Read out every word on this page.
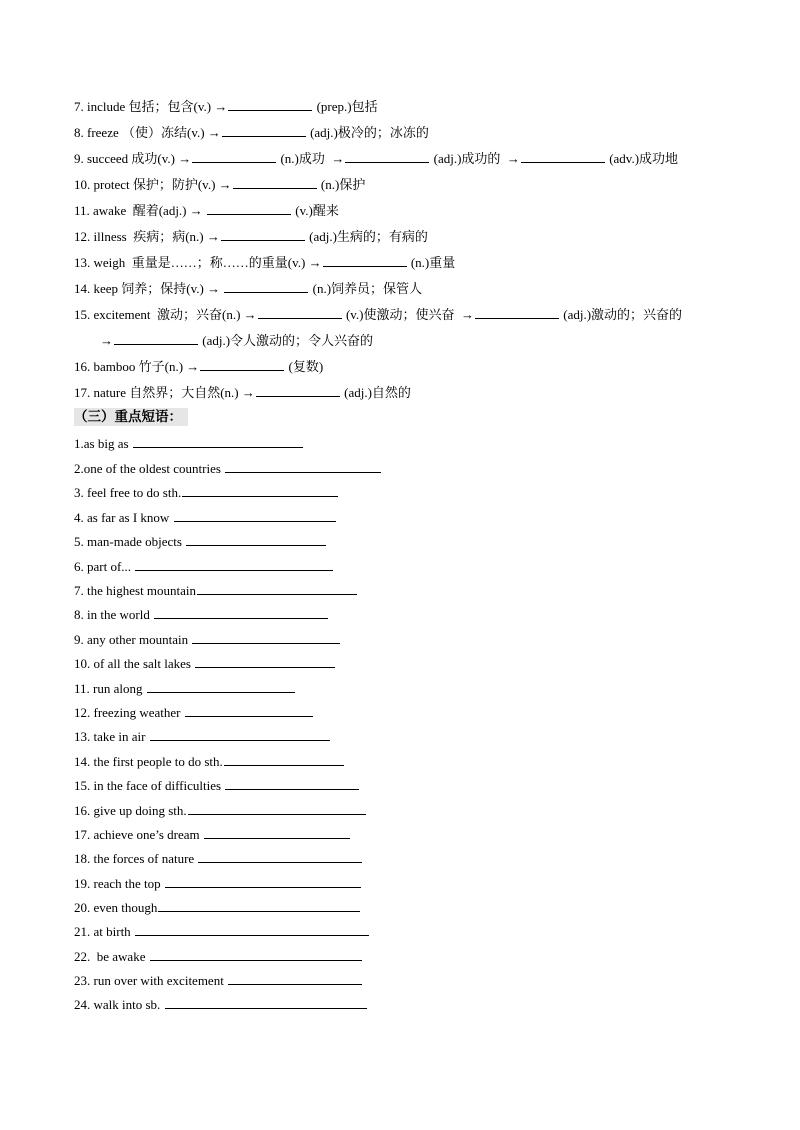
7. include 包括；包含(v.) →	(prep.)包括
8. freeze （使）冻结(v.) →	(adj.)极冷的；冰冻的
9. succeed 成功(v.) →	(n.)成功  →	(adj.)成功的  →	(adv.)成功地
10. protect 保护；防护(v.) →	(n.)保护
11. awake  醒着(adj.) →	(v.)醒来
12. illness  疾病；病(n.) →	(adj.)生病的；有病的
13. weigh  重量是……；称……的重量(v.) →	(n.)重量
14. keep 饲养；保持(v.) →	(n.)饲养员；保管人
15. excitement  激动；兴奋(n.) →	(v.)使激动；使兴奋  →	(adj.)激动的；兴奋的
→	(adj.)令人激动的；令人兴奋的
16. bamboo 竹子(n.) →	(复数)
17. nature 自然界；大自然(n.) →	(adj.)自然的
（三）重点短语：
1.as big as
2.one of the oldest countries
3. feel free to do sth.
4. as far as I know
5. man-made objects
6. part of...
7. the highest mountain
8. in the world
9. any other mountain
10. of all the salt lakes
11. run along
12. freezing weather
13. take in air
14. the first people to do sth.
15. in the face of difficulties
16. give up doing sth.
17. achieve one’s dream
18. the forces of nature
19. reach the top
20. even though
21. at birth
22.  be awake
23. run over with excitement
24. walk into sb.
